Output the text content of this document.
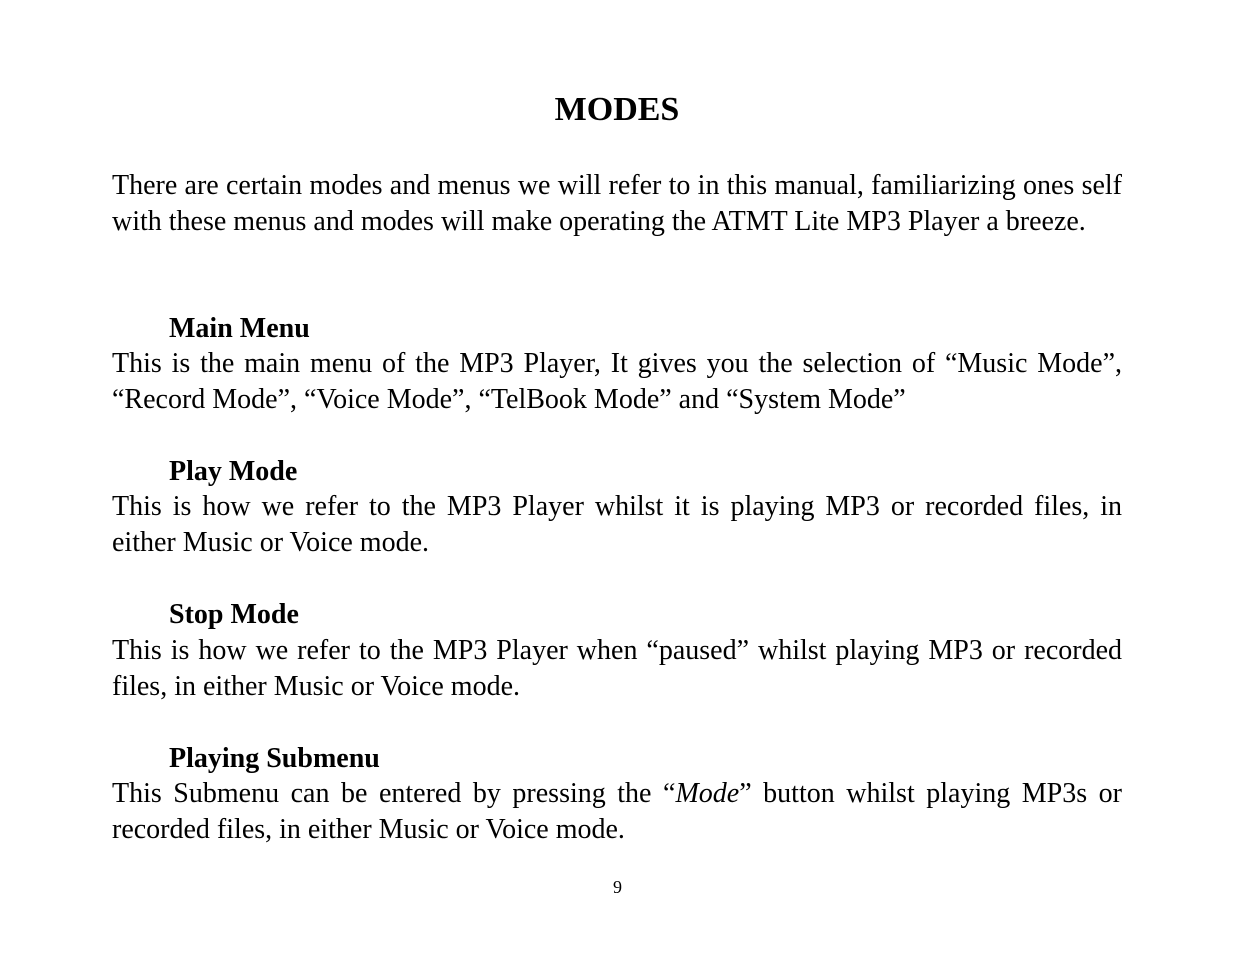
MODES

There are certain modes and menus we will refer to in this manual, familiarizing ones self with these menus and modes will make operating the ATMT Lite MP3 Player a breeze.

Main Menu

This is the main menu of the MP3 Player, It gives you the selection of “Music Mode”, “Record Mode”, “Voice Mode”, “TelBook Mode” and “System Mode”

Play Mode

This is how we refer to the MP3 Player whilst it is playing MP3 or recorded files, in either Music or Voice mode.

Stop Mode

This is how we refer to the MP3 Player when “paused” whilst playing MP3 or recorded files, in either Music or Voice mode.

Playing Submenu

This Submenu can be entered by pressing the “Mode” button whilst playing MP3s or recorded files, in either Music or Voice mode.

9
